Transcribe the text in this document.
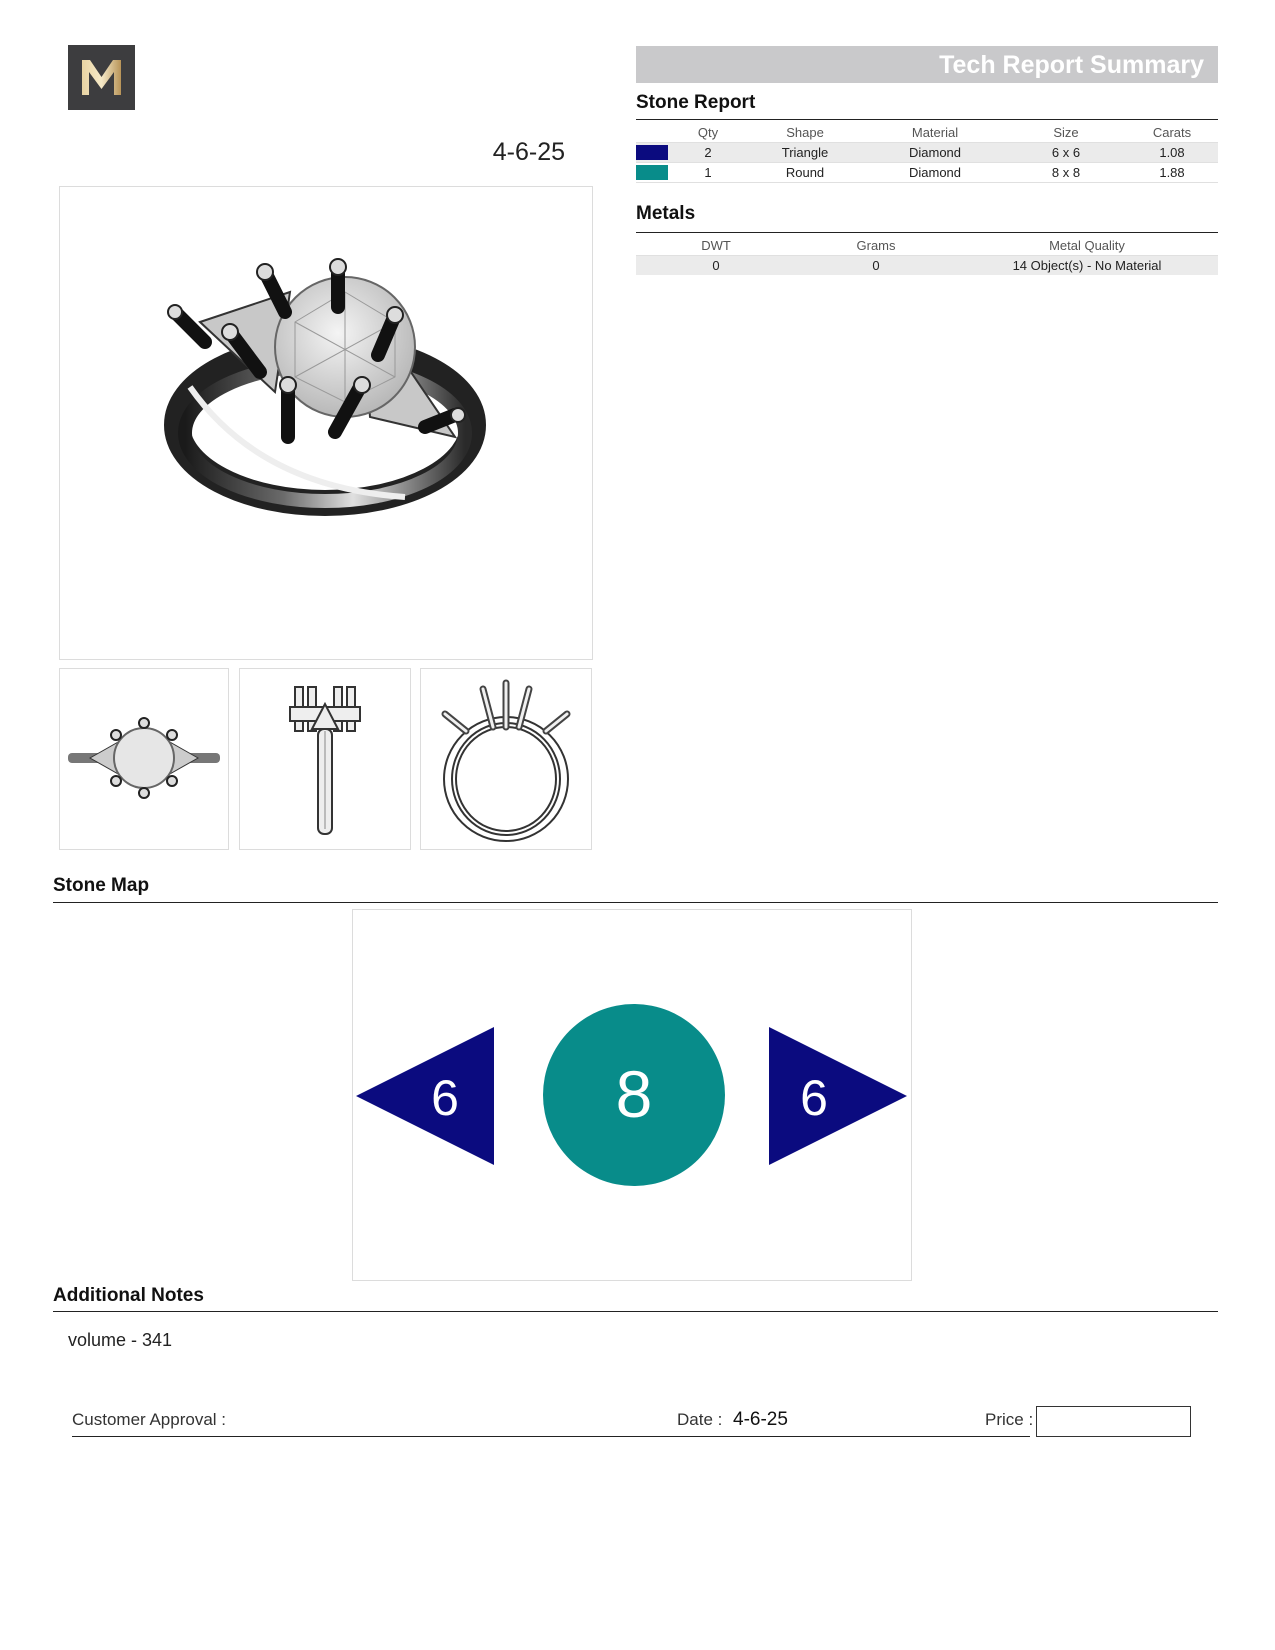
4-6-25
Tech Report Summary
Stone Report
	Qty	Shape	Material	Size	Carats

	2	Triangle	Diamond	6 x 6	1.08

	1	Round	Diamond	8 x 8	1.88
Metals
DWT	Grams	Metal Quality
0	0	14 Object(s) - No Material
Stone Map
6 8	6
Additional Notes
volume - 341
Customer Approval :	Date : 4-6-25	Price :
